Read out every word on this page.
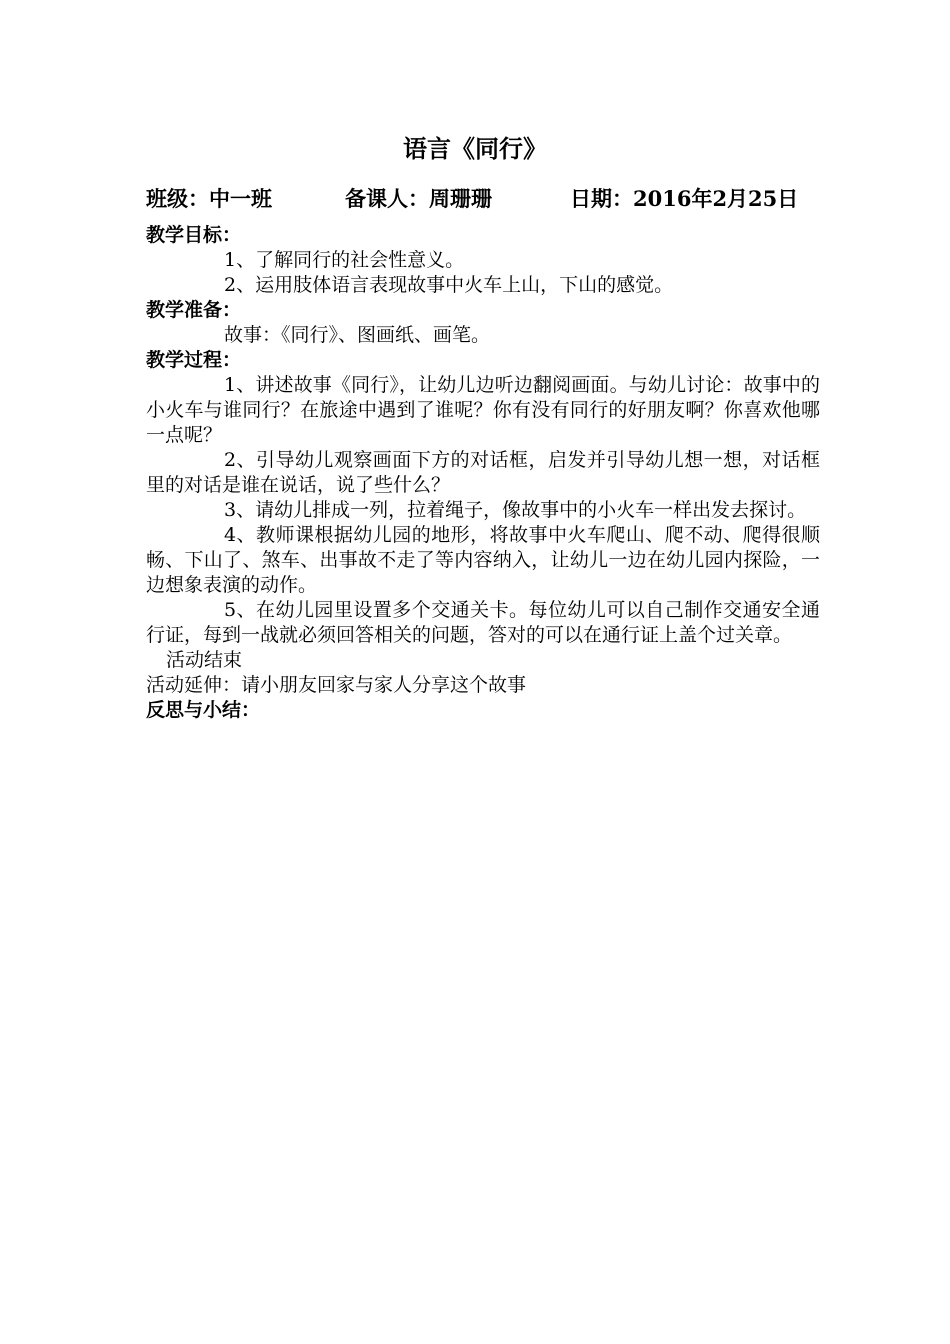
语言《同行》
班级：中一班	备课人：周珊珊	日期：2016年2月25日
教学目标：
1、了解同行的社会性意义。
2、运用肢体语言表现故事中火车上山，下山的感觉。
教学准备：
故事：《同行》、图画纸、画笔。
教学过程：
1、讲述故事《同行》，让幼儿边听边翻阅画面。与幼儿讨论：故事中的小火车与谁同行？在旅途中遇到了谁呢？你有没有同行的好朋友啊？你喜欢他哪一点呢？
2、引导幼儿观察画面下方的对话框，启发并引导幼儿想一想，对话框里的对话是谁在说话，说了些什么？
3、请幼儿排成一列，拉着绳子，像故事中的小火车一样出发去探讨。
4、教师课根据幼儿园的地形，将故事中火车爬山、爬不动、爬得很顺畅、下山了、煞车、出事故不走了等内容纳入，让幼儿一边在幼儿园内探险，一边想象表演的动作。
5、在幼儿园里设置多个交通关卡。每位幼儿可以自己制作交通安全通行证，每到一战就必须回答相关的问题，答对的可以在通行证上盖个过关章。
活动结束
活动延伸：请小朋友回家与家人分享这个故事
反思与小结：
